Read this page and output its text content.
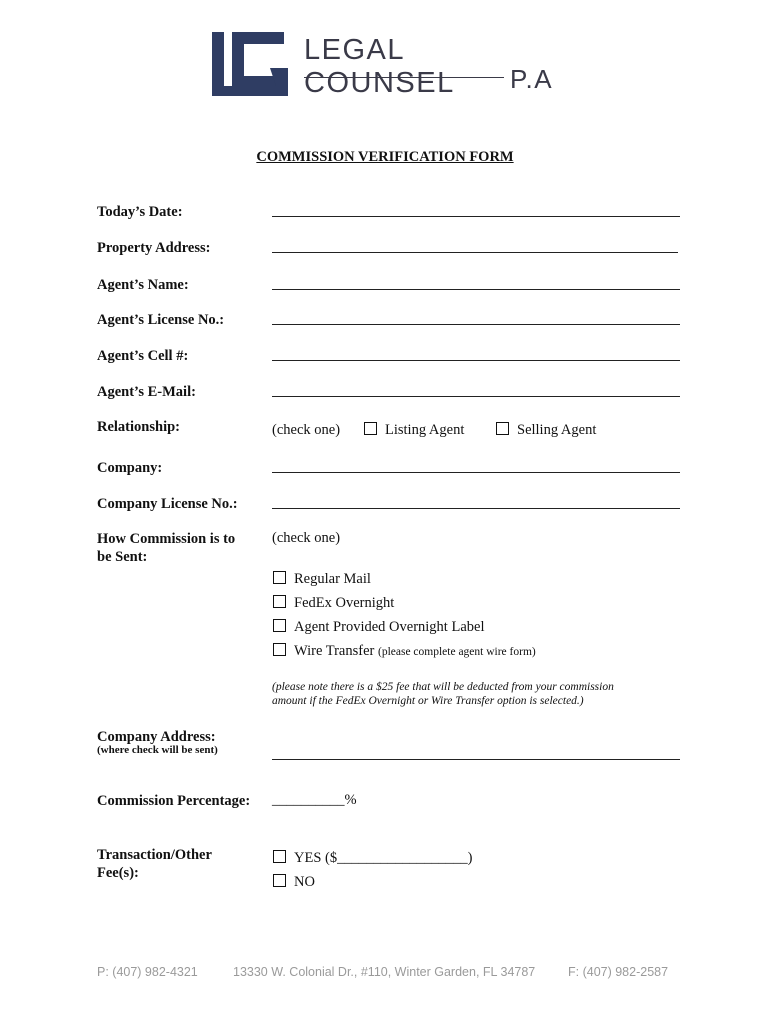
LEGAL COUNSEL	P.A
COMMISSION VERIFICATION FORM
Today’s Date:
Property Address:
Agent’s Name:
Agent’s License No.:
Agent’s Cell #:
Agent’s E-Mail:
Relationship:	(check one)	Listing Agent	Selling Agent
Company:
Company License No.:
How Commission is to
be Sent:
(check one)
Regular Mail
FedEx Overnight
Agent Provided Overnight Label
Wire Transfer (please complete agent wire form)
(please note there is a $25 fee that will be deducted from your commission
amount if the FedEx Overnight or Wire Transfer option is selected.)
Company Address:
(where check will be sent)
Commission Percentage: __________%
Transaction/Other
Fee(s):
YES ($__________________)
NO
P: (407) 982-4321	13330 W. Colonial Dr., #110, Winter Garden, FL 34787	F: (407) 982-2587
